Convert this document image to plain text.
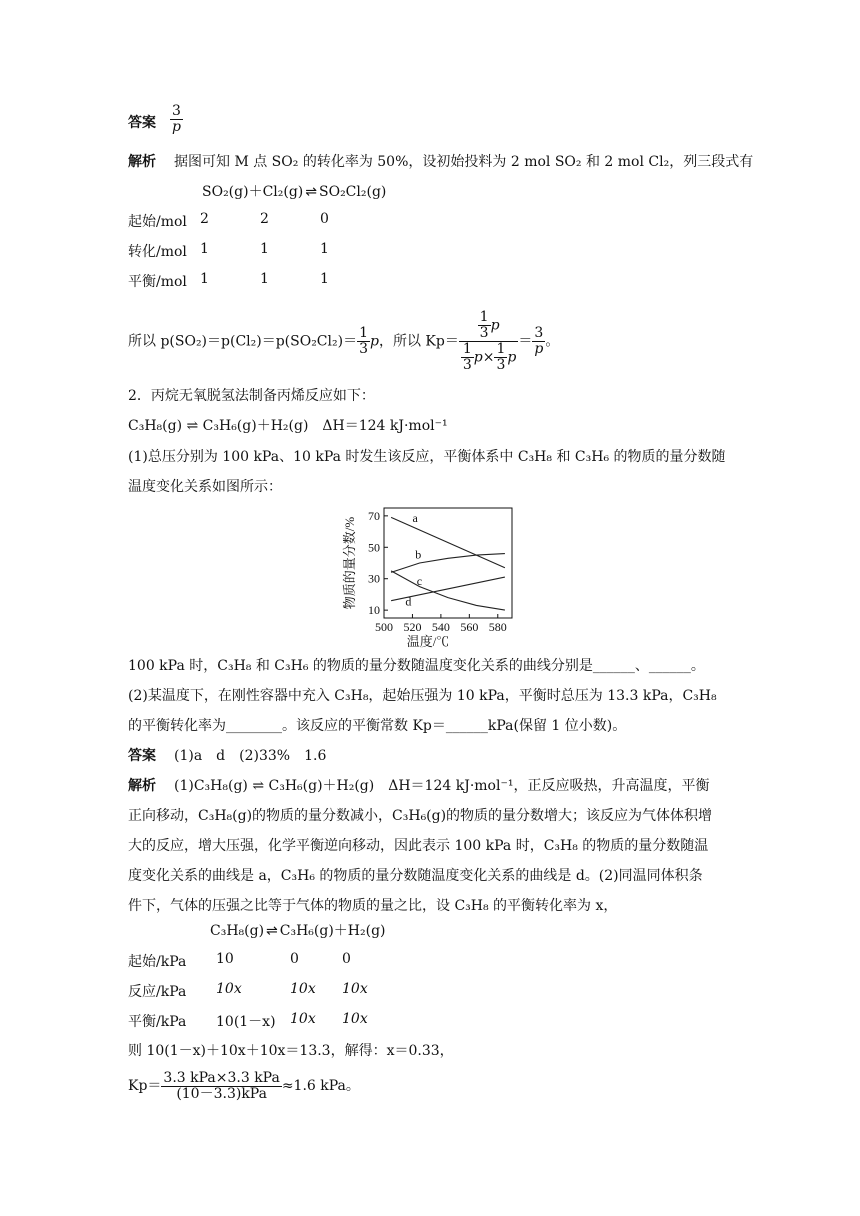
答案 $\frac{3}{p}$
解析 据图可知 M 点 SO₂ 的转化率为 50%，设初始投料为 2 mol SO₂ 和 2 mol Cl₂，列三段式有
SO₂(g)＋Cl₂(g) ⇌ SO₂Cl₂(g)
起始/mol 2	2	0
转化/mol 1	1	1
平衡/mol 1	1	1
所以 $p(SO_2)=p(Cl_2)=p(SO_2Cl_2)= \frac{1}{3}$ p，所以 $Kp= \frac{\frac{1}{3} p}{\frac{1}{3} p\times \frac{1}{3} p} = \frac{3}{p}$ 。
2．丙烷无氧脱氢法制备丙烯反应如下：
C₃H₈(g) ⇌ C₃H₆(g)＋H₂(g)　ΔH＝124 kJ·mol⁻¹
(1)总压分别为 100 kPa、10 kPa 时发生该反应，平衡体系中 C₃H₈ 和 C₃H₆ 的物质的量分数随
温度变化关系如图所示：
10
30
50
70
500 520 540 560 580
温度/℃
物质的量分数/%	a
b
c
d
100 kPa 时，C₃H₈ 和 C₃H₆ 的物质的量分数随温度变化关系的曲线分别是______、______。
(2)某温度下，在刚性容器中充入 C₃H₈，起始压强为 10 kPa，平衡时总压为 13.3 kPa，C₃H₈
的平衡转化率为________。该反应的平衡常数 Kp＝______kPa(保留 1 位小数)。
答案 (1)a　d　(2)33%　1.6
解析 (1)C₃H₈(g) ⇌ C₃H₆(g)＋H₂(g)　ΔH＝124 kJ·mol⁻¹，正反应吸热，升高温度，平衡
正向移动，C₃H₈(g)的物质的量分数减小，C₃H₆(g)的物质的量分数增大；该反应为气体体积增
大的反应，增大压强，化学平衡逆向移动，因此表示 100 kPa 时，C₃H₈ 的物质的量分数随温
度变化关系的曲线是 a，C₃H₆ 的物质的量分数随温度变化关系的曲线是 d。(2)同温同体积条
件下，气体的压强之比等于气体的物质的量之比，设 C₃H₈ 的平衡转化率为 x，
C₃H₈(g) ⇌ C₃H₆(g)＋H₂(g)
起始/kPa 10	0	0
反应/kPa 10x	10x 10x
平衡/kPa 10(1－x) 10x 10x
则 10(1－x)＋10x＋10x＝13.3，解得：x＝0.33，
$Kp= \frac{\text{3.3 kPa×3.3 kPa}}{\text{(10－3.3)kPa}} \approx 1.6$ kPa。
